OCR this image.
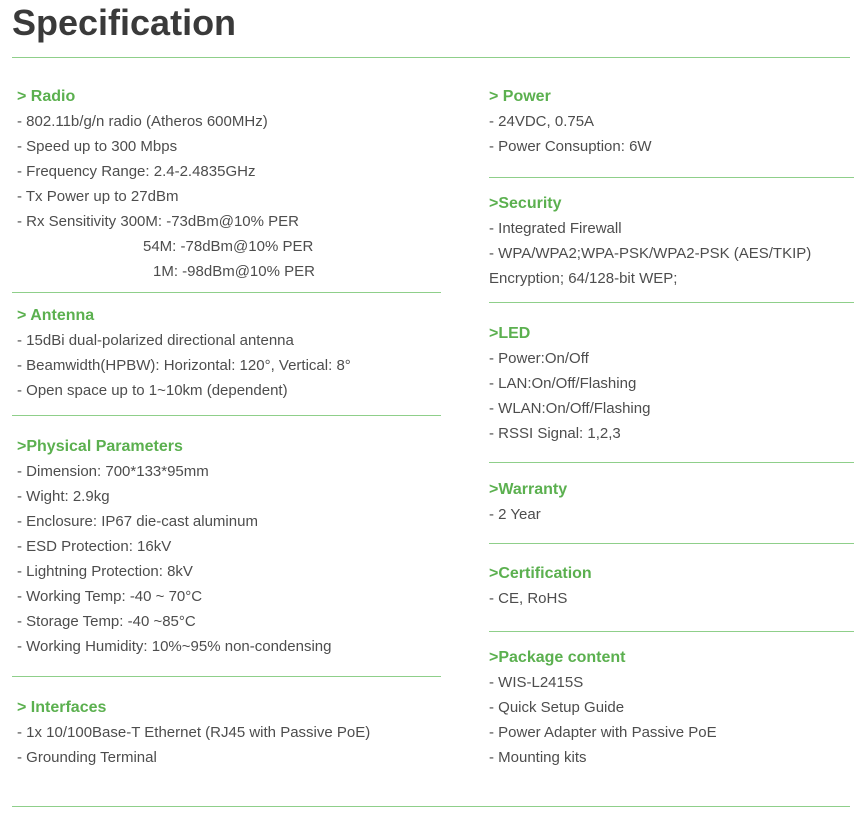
Specification
> Radio
- 802.11b/g/n radio (Atheros 600MHz)
- Speed up to 300 Mbps
- Frequency Range: 2.4-2.4835GHz
- Tx Power up to 27dBm
- Rx Sensitivity 300M: -73dBm@10% PER
54M: -78dBm@10% PER
1M: -98dBm@10% PER
> Antenna
- 15dBi dual-polarized directional antenna
- Beamwidth(HPBW): Horizontal: 120°, Vertical: 8°
- Open space up to 1~10km (dependent)
>Physical Parameters
- Dimension: 700*133*95mm
- Wight: 2.9kg
- Enclosure: IP67 die-cast aluminum
- ESD Protection: 16kV
- Lightning Protection: 8kV
- Working Temp: -40 ~ 70°C
- Storage Temp: -40 ~85°C
- Working Humidity: 10%~95% non-condensing
> Interfaces
- 1x 10/100Base-T Ethernet (RJ45 with Passive PoE)
- Grounding Terminal
> Power
- 24VDC, 0.75A
- Power Consuption: 6W
>Security
- Integrated Firewall
- WPA/WPA2;WPA-PSK/WPA2-PSK (AES/TKIP)
Encryption; 64/128-bit WEP;
>LED
- Power:On/Off
- LAN:On/Off/Flashing
- WLAN:On/Off/Flashing
- RSSI Signal: 1,2,3
>Warranty
- 2 Year
>Certification
- CE, RoHS
>Package content
- WIS-L2415S
- Quick Setup Guide
- Power Adapter with Passive PoE
- Mounting kits
